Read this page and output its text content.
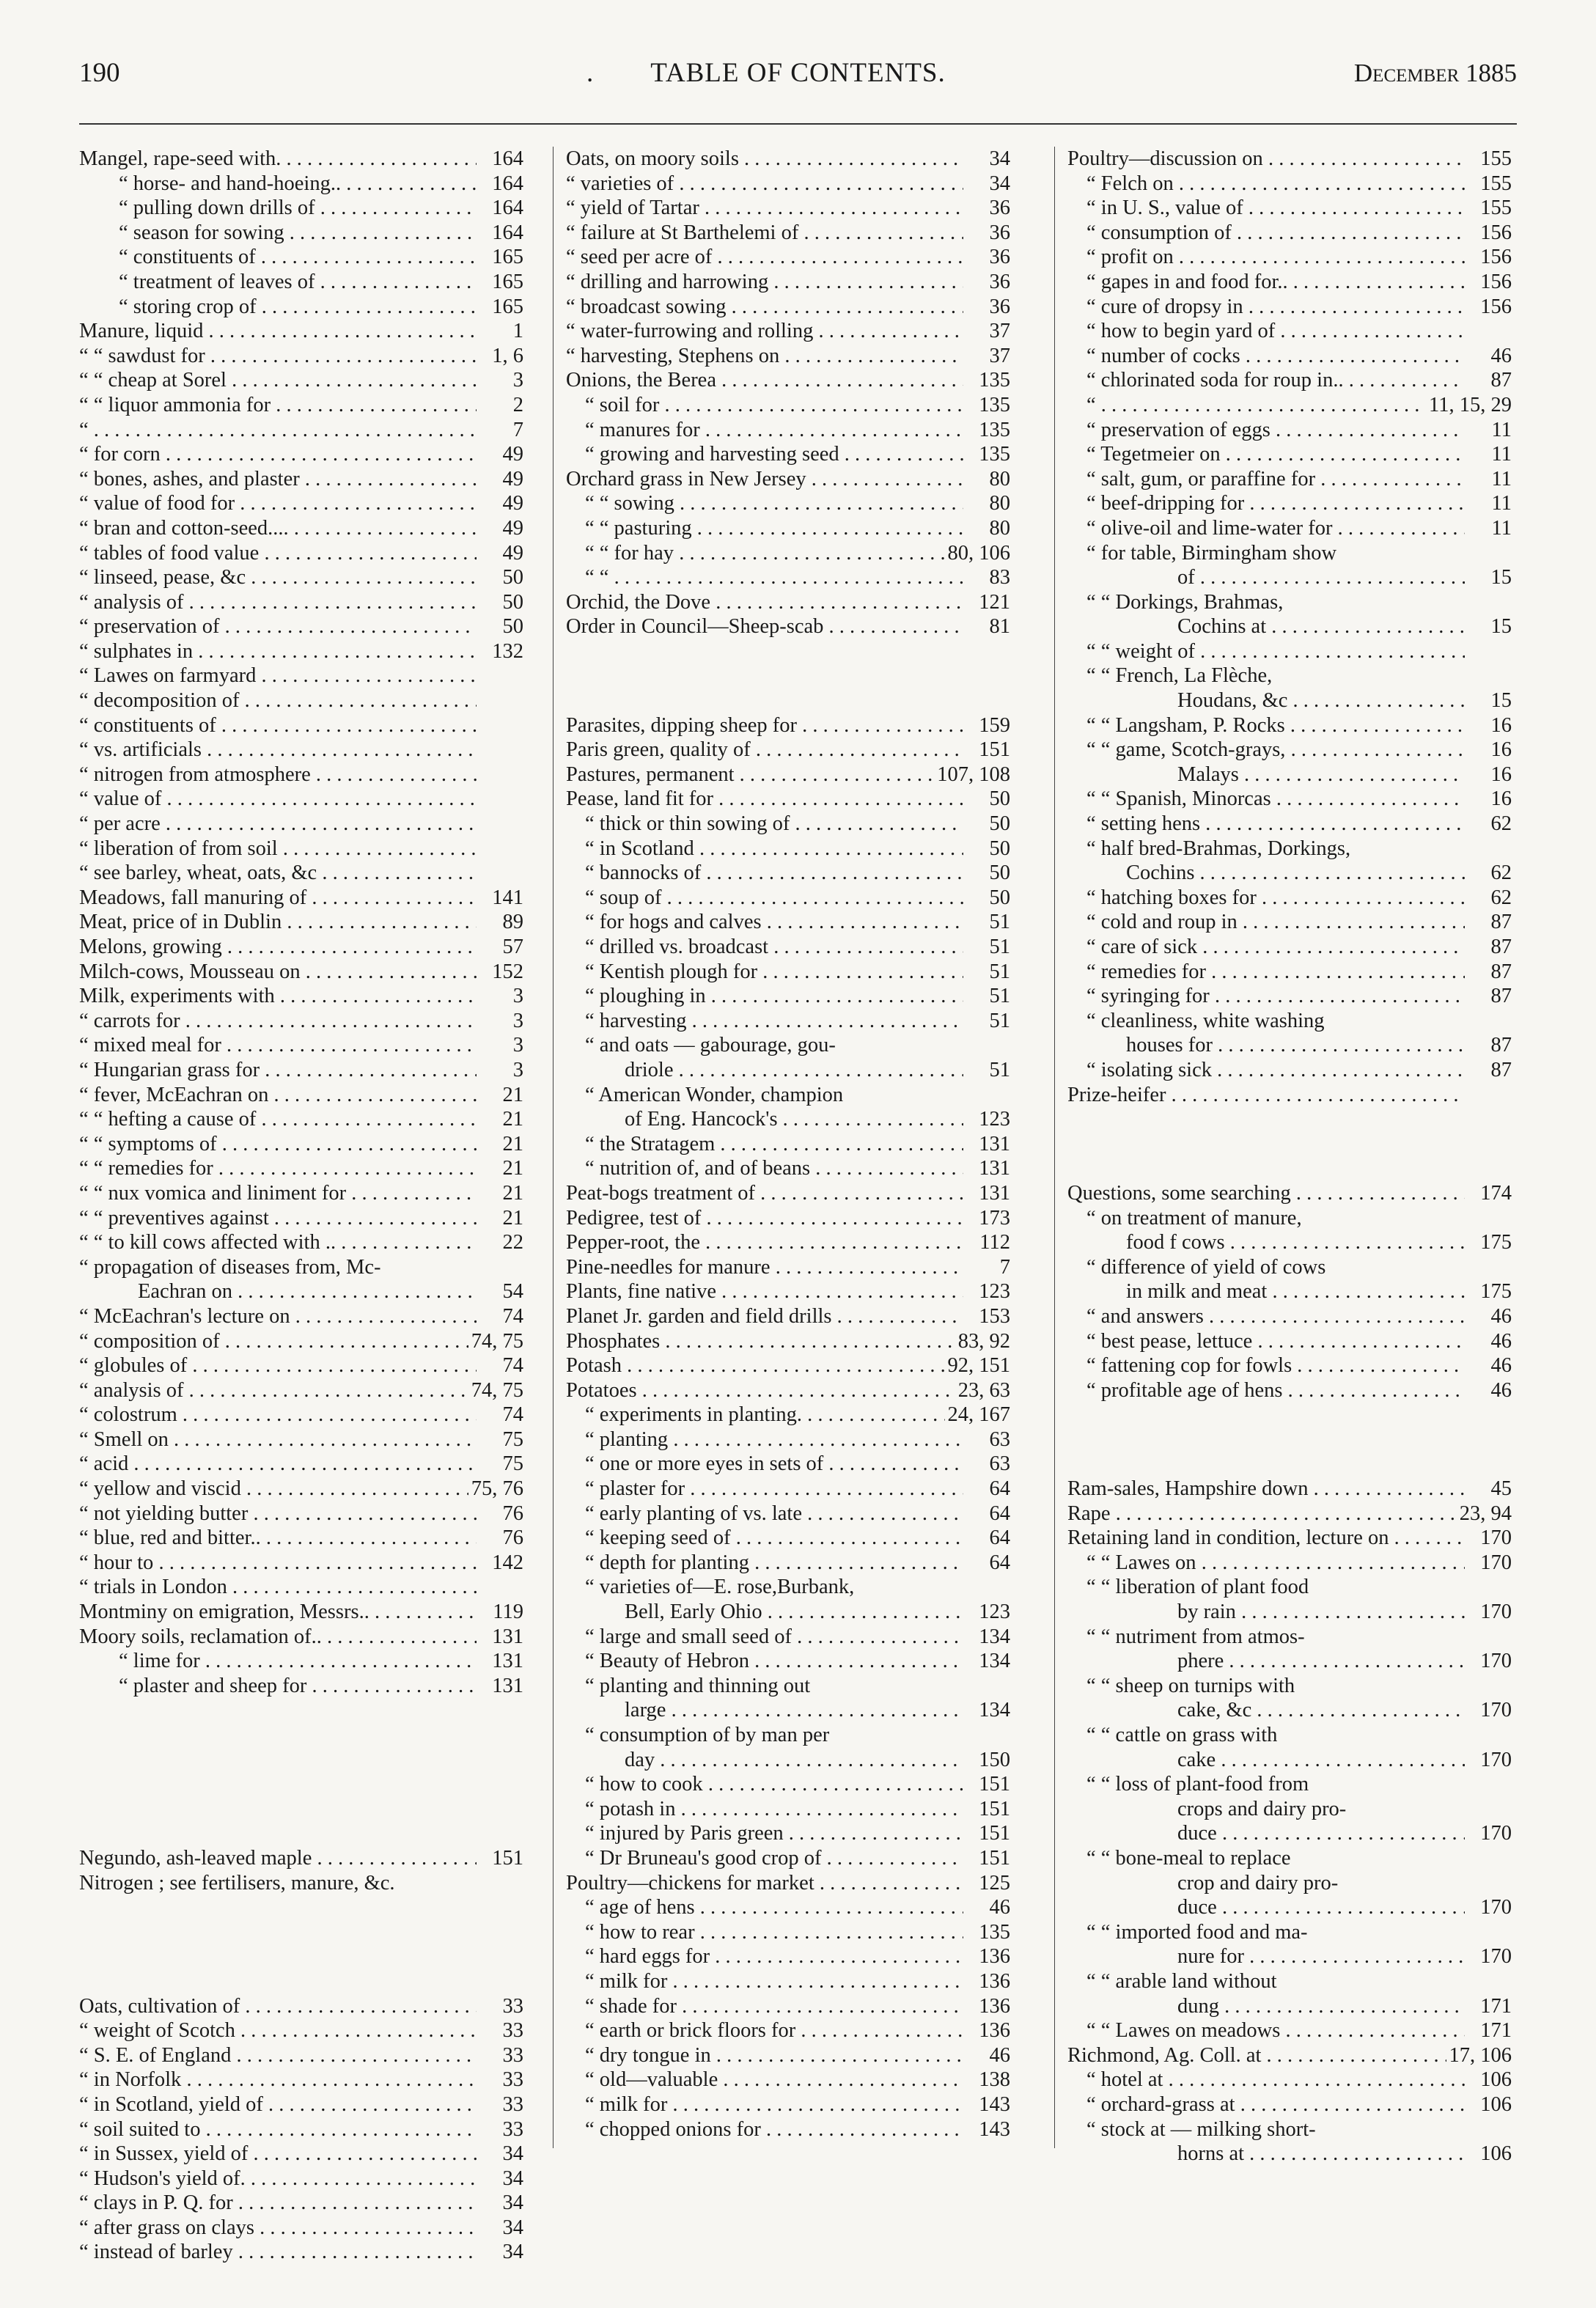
190	.	TABLE OF CONTENTS.	December 1885
Mangel, rape-seed with. . . .	164
“ horse- and hand-hoeing.. . . .	164
“ pulling down drills of . . .	164
“ season for sowing . . .	164
“ constituents of . . .	165
“ treatment of leaves of . . .	165
“ storing crop of . . .	165
Manure, liquid . . .	1
“ “ sawdust for . . .	1, 6
“ “ cheap at Sorel . . .	3
“ “ liquor ammonia for . . .	2
“ . . .	7
“ for corn . . .	49
“ bones, ashes, and plaster . . .	49
“ value of food for . . .	49
“ bran and cotton-seed.... . . .	49
“ tables of food value . . .	49
“ linseed, pease, &c . . .	50
“ analysis of . . .	50
“ preservation of . . .	50
“ sulphates in . . .	132
“ Lawes on farmyard . . .
“ decomposition of . . .
“ constituents of . . .
“ vs. artificials . . .
“ nitrogen from atmosphere . . .
“ value of . . .
“ per acre . . .
“ liberation of from soil . . .
“ see barley, wheat, oats, &c . . .
Meadows, fall manuring of . . .	141
Meat, price of in Dublin . . .	89
Melons, growing . . .	57
Milch-cows, Mousseau on . . .	152
Milk, experiments with . . .	3
“ carrots for . . .	3
“ mixed meal for . . .	3
“ Hungarian grass for . . .	3
“ fever, McEachran on . . .	21
“ “ hefting a cause of . . .	21
“ “ symptoms of . . .	21
“ “ remedies for . . .	21
“ “ nux vomica and liniment for . . .	21
“ “ preventives against . . .	21
“ “ to kill cows affected with .. . . .	22
“ propagation of diseases from, Mc-
Eachran on . . .	54
“ McEachran's lecture on . . .	74
“ composition of . . .	74, 75
“ globules of . . .	74
“ analysis of . . .	74, 75
“ colostrum . . .	74
“ Smell on . . .	75
“ acid . . .	75
“ yellow and viscid . . .	75, 76
“ not yielding butter . . .	76
“ blue, red and bitter.. . . .	76
“ hour to . . .	142
“ trials in London . . .
Montminy on emigration, Messrs.. . . .	119
Moory soils, reclamation of.. . . .	131
“ lime for . . .	131
“ plaster and sheep for . . .	131
Negundo, ash-leaved maple . . .	151
Nitrogen ; see fertilisers, manure, &c.
Oats, cultivation of . . .	33
“ weight of Scotch . . .	33
“ S. E. of England . . .	33
“ in Norfolk . . .	33
“ in Scotland, yield of . . .	33
“ soil suited to . . .	33
“ in Sussex, yield of . . .	34
“ Hudson's yield of. . . .	34
“ clays in P. Q. for . . .	34
“ after grass on clays . . .	34
“ instead of barley . . .	34
Oats, on moory soils . . .	34
“ varieties of . . .	34
“ yield of Tartar . . .	36
“ failure at St Barthelemi of . . .	36
“ seed per acre of . . .	36
“ drilling and harrowing . . .	36
“ broadcast sowing . . .	36
“ water-furrowing and rolling . . .	37
“ harvesting, Stephens on . . .	37
Onions, the Berea . . .	135
“ soil for . . .	135
“ manures for . . .	135
“ growing and harvesting seed . . .	135
Orchard grass in New Jersey . . .	80
“ “ sowing . . .	80
“ “ pasturing . . .	80
“ “ for hay . . .	80, 106
“ “ . . .	83
Orchid, the Dove . . .	121
Order in Council—Sheep-scab . . .	81
Parasites, dipping sheep for . . .	159
Paris green, quality of . . .	151
Pastures, permanent . . .	107, 108
Pease, land fit for . . .	50
“ thick or thin sowing of . . .	50
“ in Scotland . . .	50
“ bannocks of . . .	50
“ soup of . . .	50
“ for hogs and calves . . .	51
“ drilled vs. broadcast . . .	51
“ Kentish plough for . . .	51
“ ploughing in . . .	51
“ harvesting . . .	51
“ and oats — gabourage, gou-
driole . . .	51
“ American Wonder, champion
of Eng. Hancock's . . .	123
“ the Stratagem . . .	131
“ nutrition of, and of beans . . .	131
Peat-bogs treatment of . . .	131
Pedigree, test of . . .	173
Pepper-root, the . . .	112
Pine-needles for manure . . .	7
Plants, fine native . . .	123
Planet Jr. garden and field drills . . .	153
Phosphates . . .	83, 92
Potash . . .	92, 151
Potatoes . . .	23, 63
“ experiments in planting. . . .	24, 167
“ planting . . .	63
“ one or more eyes in sets of . . .	63
“ plaster for . . .	64
“ early planting of vs. late . . .	64
“ keeping seed of . . .	64
“ depth for planting . . .	64
“ varieties of—E. rose,Burbank,
Bell, Early Ohio . . .	123
“ large and small seed of . . .	134
“ Beauty of Hebron . . .	134
“ planting and thinning out
large . . .	134
“ consumption of by man per
day . . .	150
“ how to cook . . .	151
“ potash in . . .	151
“ injured by Paris green . . .	151
“ Dr Bruneau's good crop of . . .	151
Poultry—chickens for market . . .	125
“ age of hens . . .	46
“ how to rear . . .	135
“ hard eggs for . . .	136
“ milk for . . .	136
“ shade for . . .	136
“ earth or brick floors for . . .	136
“ dry tongue in . . .	46
“ old—valuable . . .	138
“ milk for . . .	143
“ chopped onions for . . .	143
Poultry—discussion on . . .	155
“ Felch on . . .	155
“ in U. S., value of . . .	155
“ consumption of . . .	156
“ profit on . . .	156
“ gapes in and food for.. . . .	156
“ cure of dropsy in . . .	156
“ how to begin yard of . . .
“ number of cocks . . .	46
“ chlorinated soda for roup in.. . . .	87
“ . . .	11, 15, 29
“ preservation of eggs . . .	11
“ Tegetmeier on . . .	11
“ salt, gum, or paraffine for . . .	11
“ beef-dripping for . . .	11
“ olive-oil and lime-water for . . .	11
“ for table, Birmingham show
of . . .	15
“ “ Dorkings, Brahmas,
Cochins at . . .	15
“ “ weight of . . .
“ “ French, La Flèche,
Houdans, &c . . .	15
“ “ Langsham, P. Rocks . . .	16
“ “ game, Scotch-grays, . . .	16
Malays . . .	16
“ “ Spanish, Minorcas . . .	16
“ setting hens . . .	62
“ half bred-Brahmas, Dorkings,
Cochins . . .	62
“ hatching boxes for . . .	62
“ cold and roup in . . .	87
“ care of sick . . .	87
“ remedies for . . .	87
“ syringing for . . .	87
“ cleanliness, white washing
houses for . . .	87
“ isolating sick . . .	87
Prize-heifer . . .
Questions, some searching . . .	174
“ on treatment of manure,
food f cows . . .	175
“ difference of yield of cows
in milk and meat . . .	175
“ and answers . . .	46
“ best pease, lettuce . . .	46
“ fattening cop for fowls . . .	46
“ profitable age of hens . . .	46
Ram-sales, Hampshire down . . .	45
Rape . . .	23, 94
Retaining land in condition, lecture on . . .	170
“ “ Lawes on . . .	170
“ “ liberation of plant food
by rain . . .	170
“ “ nutriment from atmos-
phere . . .	170
“ “ sheep on turnips with
cake, &c . . .	170
“ “ cattle on grass with
cake . . .	170
“ “ loss of plant-food from
crops and dairy pro-
duce . . .	170
“ “ bone-meal to replace
crop and dairy pro-
duce . . .	170
“ “ imported food and ma-
nure for . . .	170
“ “ arable land without
dung . . .	171
“ “ Lawes on meadows . . .	171
Richmond, Ag. Coll. at . . .	17, 106
“ hotel at . . .	106
“ orchard-grass at . . .	106
“ stock at — milking short-
horns at . . .	106
